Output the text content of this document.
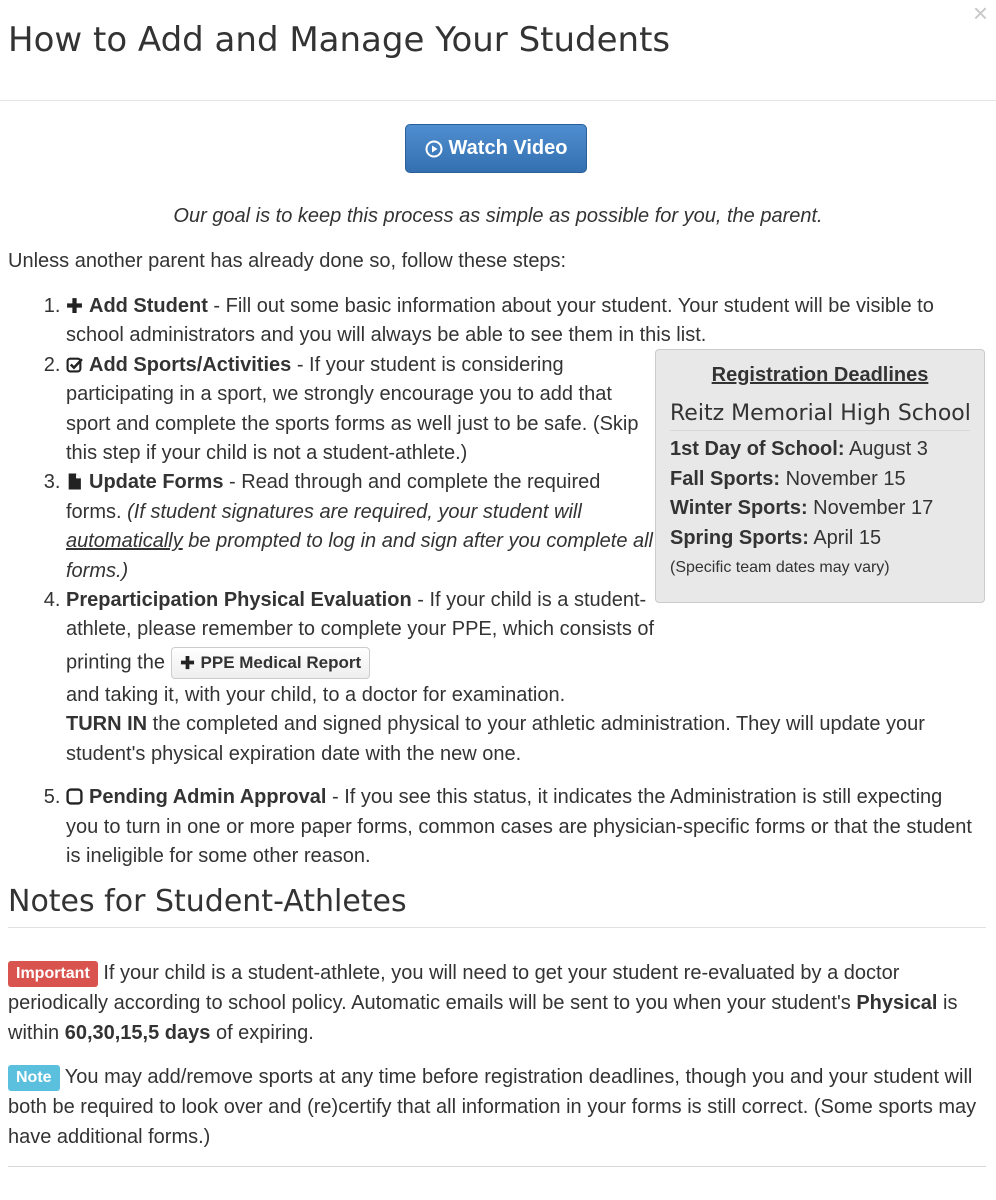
×
How to Add and Manage Your Students
Watch Video
Our goal is to keep this process as simple as possible for you, the parent.
Unless another parent has already done so, follow these steps:
1. Add Student - Fill out some basic information about your student. Your student will be visible to school administrators and you will always be able to see them in this list.
2. Add Sports/Activities - If your student is considering participating in a sport, we strongly encourage you to add that sport and complete the sports forms as well just to be safe. (Skip this step if your child is not a student-athlete.)
3. Update Forms - Read through and complete the required forms. (If student signatures are required, your student will automatically be prompted to log in and sign after you complete all forms.)
4. Preparticipation Physical Evaluation - If your child is a student-athlete, please remember to complete your PPE, which consists of printing the PPE Medical Report
and taking it, with your child, to a doctor for examination.
TURN IN the completed and signed physical to your athletic administration. They will update your student's physical expiration date with the new one.
5. Pending Admin Approval - If you see this status, it indicates the Administration is still expecting you to turn in one or more paper forms, common cases are physician-specific forms or that the student is ineligible for some other reason.
Registration Deadlines
Reitz Memorial High School
1st Day of School: August 3
Fall Sports: November 15
Winter Sports: November 17
Spring Sports: April 15
(Specific team dates may vary)
Notes for Student-Athletes
Important If your child is a student-athlete, you will need to get your student re-evaluated by a doctor periodically according to school policy. Automatic emails will be sent to you when your student's Physical is within 60,30,15,5 days of expiring.
Note You may add/remove sports at any time before registration deadlines, though you and your student will both be required to look over and (re)certify that all information in your forms is still correct. (Some sports may have additional forms.)
